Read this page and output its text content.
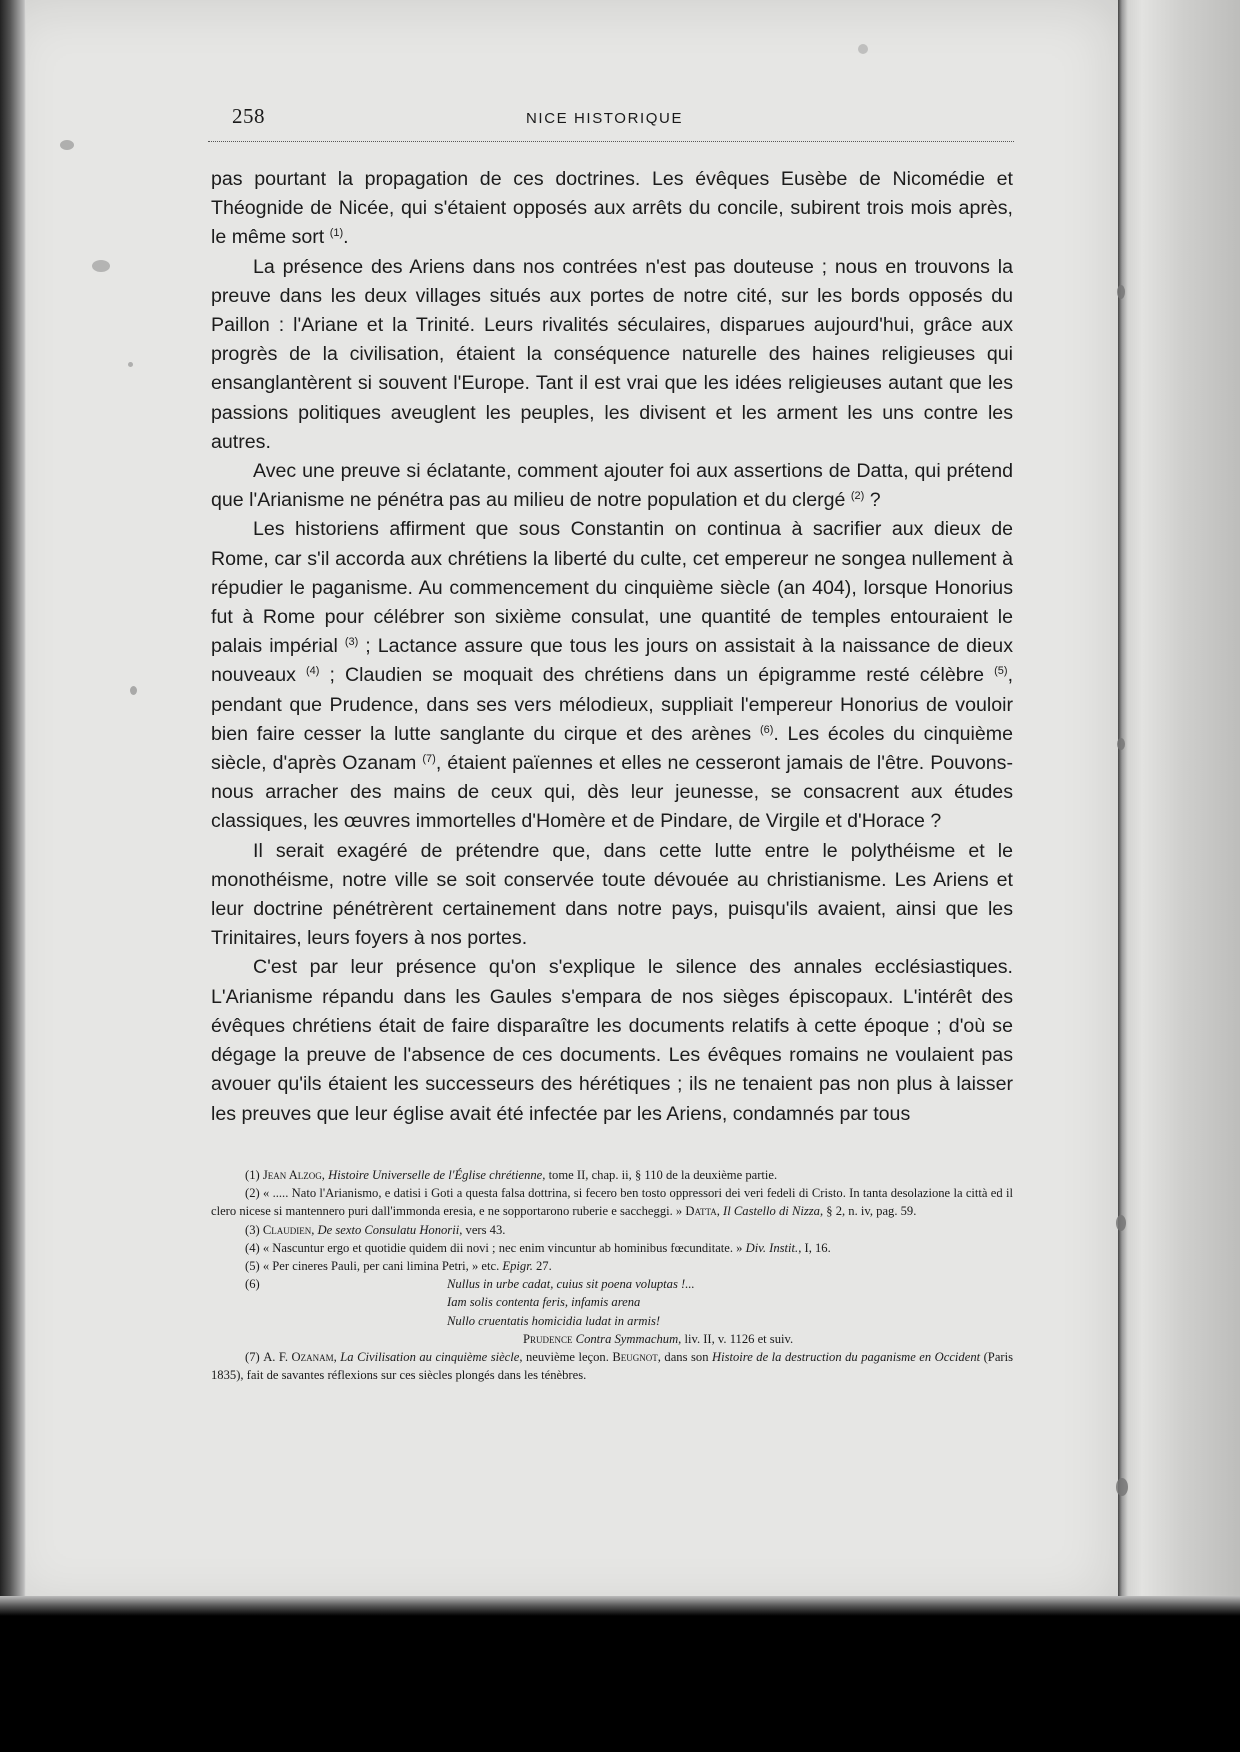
258	NICE HISTORIQUE

pas pourtant la propagation de ces doctrines. Les évêques Eusèbe de Nicomédie et Théognide de Nicée, qui s'étaient opposés aux arrêts du concile, subirent trois mois après, le même sort $^{(1)}$.

La présence des Ariens dans nos contrées n'est pas douteuse ; nous en trouvons la preuve dans les deux villages situés aux portes de notre cité, sur les bords opposés du Paillon : l'Ariane et la Trinité. Leurs rivalités séculaires, disparues aujourd'hui, grâce aux progrès de la civilisation, étaient la conséquence naturelle des haines religieuses qui ensanglantèrent si souvent l'Europe. Tant il est vrai que les idées religieuses autant que les passions politiques aveuglent les peuples, les divisent et les arment les uns contre les autres.

Avec une preuve si éclatante, comment ajouter foi aux assertions de Datta, qui prétend que l'Arianisme ne pénétra pas au milieu de notre population et du clergé $^{(2)}$ ?

Les historiens affirment que sous Constantin on continua à sacrifier aux dieux de Rome, car s'il accorda aux chrétiens la liberté du culte, cet empereur ne songea nullement à répudier le paganisme. Au commencement du cinquième siècle (an 404), lorsque Honorius fut à Rome pour célébrer son sixième consulat, une quantité de temples entouraient le palais impérial $^{(3)}$ ; Lactance assure que tous les jours on assistait à la naissance de dieux nouveaux $^{(4)}$ ; Claudien se moquait des chrétiens dans un épigramme resté célèbre $^{(5)}$, pendant que Prudence, dans ses vers mélodieux, suppliait l'empereur Honorius de vouloir bien faire cesser la lutte sanglante du cirque et des arènes $^{(6)}$. Les écoles du cinquième siècle, d'après Ozanam $^{(7)}$, étaient païennes et elles ne cesseront jamais de l'être. Pouvons-nous arracher des mains de ceux qui, dès leur jeunesse, se consacrent aux études classiques, les œuvres immortelles d'Homère et de Pindare, de Virgile et d'Horace ?

Il serait exagéré de prétendre que, dans cette lutte entre le polythéisme et le monothéisme, notre ville se soit conservée toute dévouée au christianisme. Les Ariens et leur doctrine pénétrèrent certainement dans notre pays, puisqu'ils avaient, ainsi que les Trinitaires, leurs foyers à nos portes.

C'est par leur présence qu'on s'explique le silence des annales ecclésiastiques. L'Arianisme répandu dans les Gaules s'empara de nos sièges épiscopaux. L'intérêt des évêques chrétiens était de faire disparaître les documents relatifs à cette époque ; d'où se dégage la preuve de l'absence de ces documents. Les évêques romains ne voulaient pas avouer qu'ils étaient les successeurs des hérétiques ; ils ne tenaient pas non plus à laisser les preuves que leur église avait été infectée par les Ariens, condamnés par tous

(1) Jean Alzog, Histoire Universelle de l'Église chrétienne, tome II, chap. ii, § 110 de la deuxième partie.

(2) « ..... Nato l'Arianismo, e datisi i Goti a questa falsa dottrina, si fecero ben tosto oppressori dei veri fedeli di Cristo. In tanta desolazione la città ed il clero nicese si mantennero puri dall'immonda eresia, e ne sopportarono ruberie e saccheggi. » Datta, Il Castello di Nizza, § 2, n. iv, pag. 59.

(3) Claudien, De sexto Consulatu Honorii, vers 43.

(4) « Nascuntur ergo et quotidie quidem dii novi ; nec enim vincuntur ab hominibus fœcunditate. » Div. Instit., I, 16.

(5) « Per cineres Pauli, per cani limina Petri, » etc. Epigr. 27.

(6)	Nullus in urbe cadat, cuius sit poena voluptas !...
Iam solis contenta feris, infamis arena
Nullo cruentatis homicidia ludat in armis!
Prudence Contra Symmachum, liv. II, v. 1126 et suiv.

(7) A. F. Ozanam, La Civilisation au cinquième siècle, neuvième leçon. Beugnot, dans son Histoire de la destruction du paganisme en Occident (Paris 1835), fait de savantes réflexions sur ces siècles plongés dans les ténèbres.
